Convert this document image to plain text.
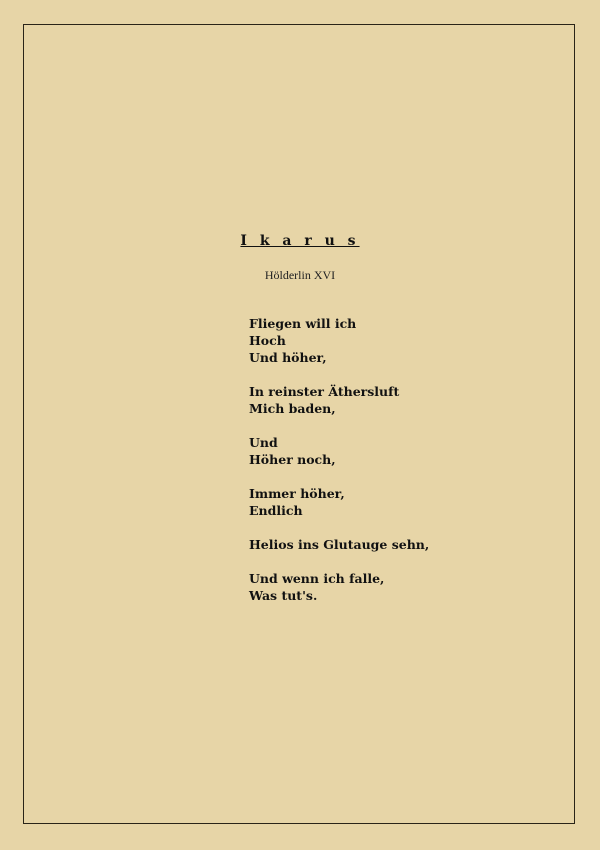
I k a r u s
Hölderlin XVI
Fliegen will ich
Hoch
Und höher,
In reinster Äthersluft
Mich baden,
Und
Höher noch,
Immer höher,
Endlich
Helios ins Glutauge sehn,
Und wenn ich falle,
Was tut's.
